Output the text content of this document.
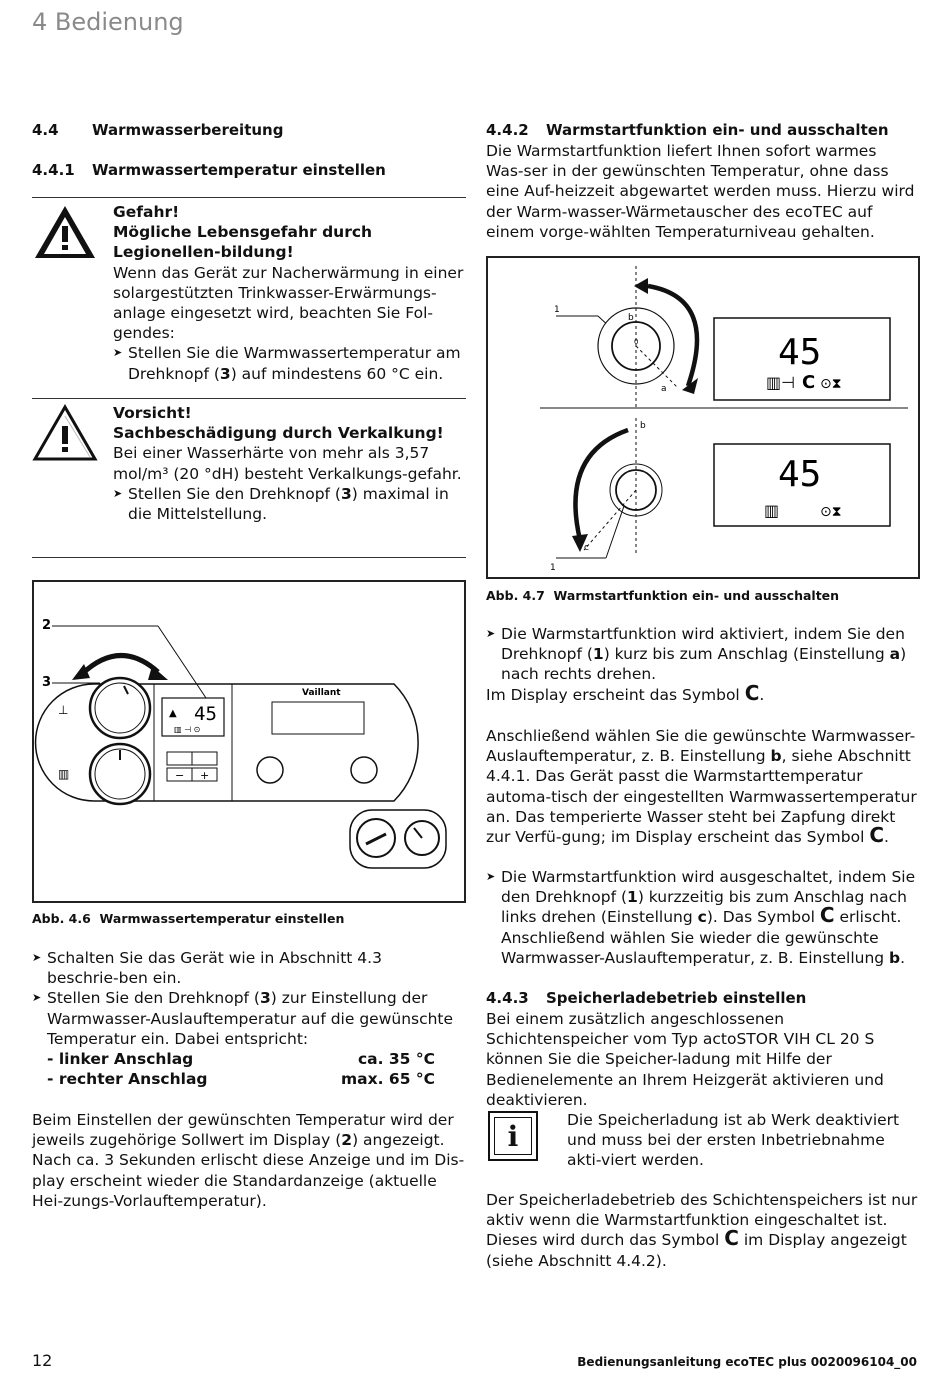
4 Bedienung
4.4 Warmwasserbereitung
4.4.1 Warmwassertemperatur einstellen
Gefahr!
Mögliche Lebensgefahr durch Legionellen-bildung!
Wenn das Gerät zur Nacherwärmung in einer solargestützten Trinkwasser-Erwärmungs-anlage eingesetzt wird, beachten Sie Fol-gendes:
➤ Stellen Sie die Warmwassertemperatur am Drehknopf (3) auf mindestens 60 °C ein.
Vorsicht!
Sachbeschädigung durch Verkalkung!
Bei einer Wasserhärte von mehr als 3,57 mol/m³ (20 °dH) besteht Verkalkungs-gefahr.
➤ Stellen Sie den Drehknopf (3) maximal in die Mittelstellung.
2
3
⊥
▥
45
▲
▥ ⊣ ⊙
− +
Vaillant
Abb. 4.6 Warmwassertemperatur einstellen
➤ Schalten Sie das Gerät wie in Abschnitt 4.3 beschrie-ben ein.
➤ Stellen Sie den Drehknopf (3) zur Einstellung der Warmwasser-Auslauftemperatur auf die gewünschte Temperatur ein. Dabei entspricht:
- linker Anschlag	ca. 35 °C
- rechter Anschlag	max. 65 °C
Beim Einstellen der gewünschten Temperatur wird der jeweils zugehörige Sollwert im Display (2) angezeigt. Nach ca. 3 Sekunden erlischt diese Anzeige und im Dis-play erscheint wieder die Standardanzeige (aktuelle Hei-zungs-Vorlauftemperatur).
4.4.2 Warmstartfunktion ein- und ausschalten
Die Warmstartfunktion liefert Ihnen sofort warmes Was-ser in der gewünschten Temperatur, ohne dass eine Auf-heizzeit abgewartet werden muss. Hierzu wird der Warm-wasser-Wärmetauscher des ecoTEC auf einem vorge-wählten Temperaturniveau gehalten.
1
0
b
a
45
▥⊣ C ⊙⧗
b
c
1
45
▥	⊙⧗
Abb. 4.7 Warmstartfunktion ein- und ausschalten
➤ Die Warmstartfunktion wird aktiviert, indem Sie den Drehknopf (1) kurz bis zum Anschlag (Einstellung a) nach rechts drehen.
Im Display erscheint das Symbol C.
Anschließend wählen Sie die gewünschte Warmwasser-Auslauftemperatur, z. B. Einstellung b, siehe Abschnitt 4.4.1. Das Gerät passt die Warmstarttemperatur automa-tisch der eingestellten Warmwassertemperatur an. Das temperierte Wasser steht bei Zapfung direkt zur Verfü-gung; im Display erscheint das Symbol C.
➤ Die Warmstartfunktion wird ausgeschaltet, indem Sie den Drehknopf (1) kurzzeitig bis zum Anschlag nach links drehen (Einstellung c). Das Symbol C erlischt. Anschließend wählen Sie wieder die gewünschte Warmwasser-Auslauftemperatur, z. B. Einstellung b.
4.4.3 Speicherladebetrieb einstellen
Bei einem zusätzlich angeschlossenen Schichtenspeicher vom Typ actoSTOR VIH CL 20 S können Sie die Speicher-ladung mit Hilfe der Bedienelemente an Ihrem Heizgerät aktivieren und deaktivieren.
i	Die Speicherladung ist ab Werk deaktiviert und muss bei der ersten Inbetriebnahme akti-viert werden.
Der Speicherladebetrieb des Schichtenspeichers ist nur aktiv wenn die Warmstartfunktion eingeschaltet ist. Dieses wird durch das Symbol C im Display angezeigt (siehe Abschnitt 4.4.2).
12	Bedienungsanleitung ecoTEC plus 0020096104_00
